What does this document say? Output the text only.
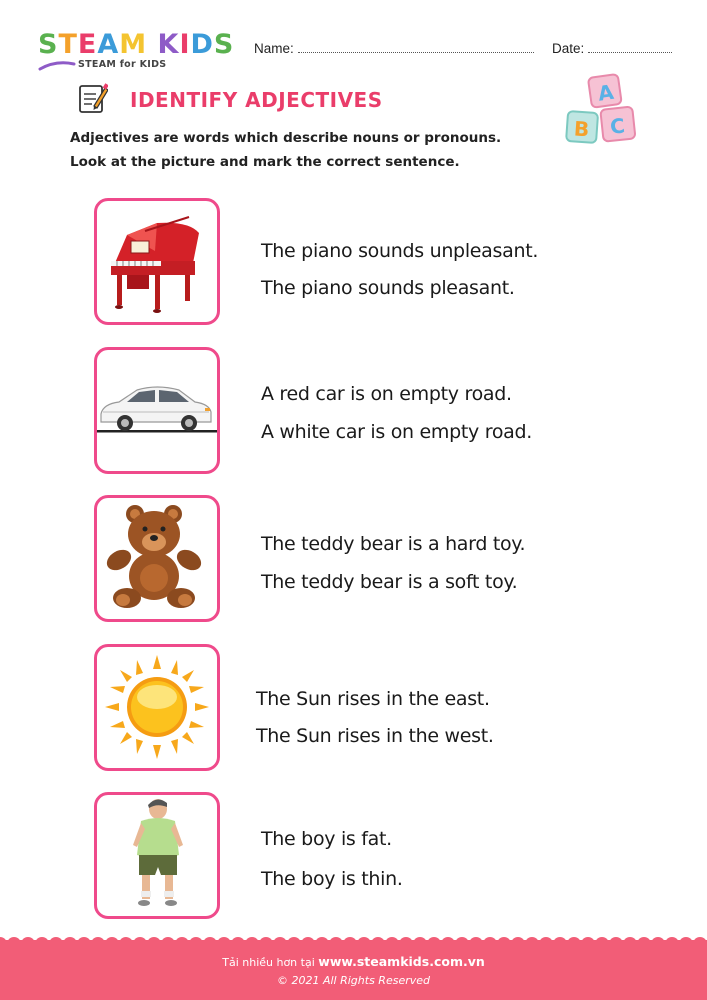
STEAM KIDS
STEAM for KIDS
Name:	Date:
IDENTIFY ADJECTIVES	A
B C
Adjectives are words which describe nouns or pronouns.
Look at the picture and mark the correct sentence.
The piano sounds unpleasant.
The piano sounds pleasant.
A red car is on empty road.
A white car is on empty road.
The teddy bear is a hard toy.
The teddy bear is a soft toy.
The Sun rises in the east.
The Sun rises in the west.
The boy is fat.
The boy is thin.
Tải nhiều hơn tại www.steamkids.com.vn
© 2021 All Rights Reserved
